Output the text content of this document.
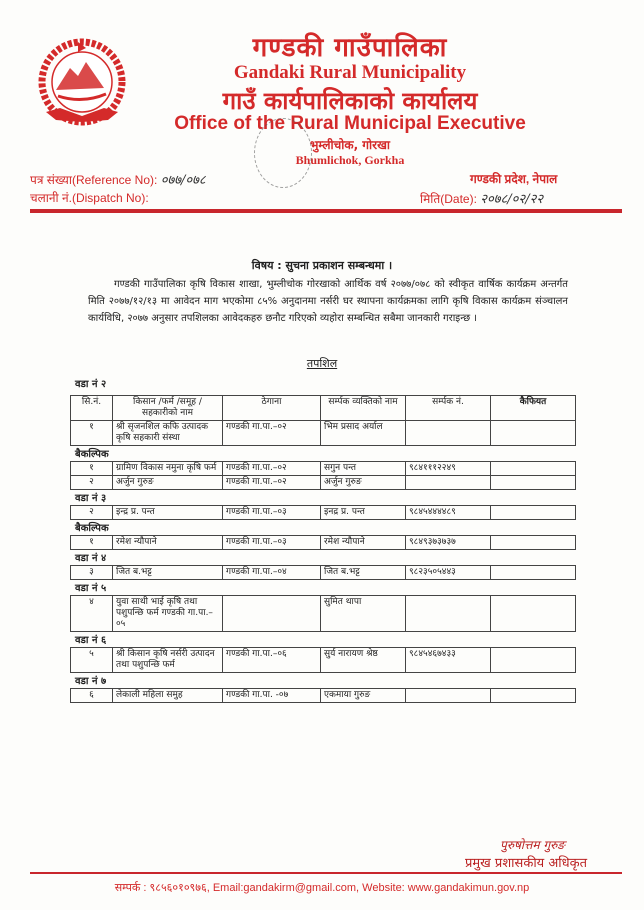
गण्डकी गाउँपालिका
Gandaki Rural Municipality
गाउँ कार्यपालिकाको कार्यालय
Office of the Rural Municipal Executive
भुम्लीचोक, गोरखा
Bhumlichok, Gorkha
पत्र संख्या(Reference No): ०७७/०७८
चलानी नं.(Dispatch No):
गण्डकी प्रदेश, नेपाल
मिति(Date): २०७८/०२/२२
विषय : सुचना प्रकाशन सम्बन्धमा ।
गण्डकी गाउँपालिका कृषि विकास शाखा, भुम्लीचोक गोरखाको आर्थिक वर्ष २०७७/०७८ को स्वीकृत वार्षिक कार्यक्रम अन्तर्गत मिति २०७७/१२/१३ मा आवेदन माग भएकोमा ८५% अनुदानमा नर्सरी घर स्थापना कार्यक्रमका लागि कृषि विकास कार्यक्रम संञ्चालन कार्यविधि, २०७७ अनुसार तपशिलका आवेदकहरु छनौट गरिएको व्यहोरा सम्बन्धित सबैमा जानकारी गराइन्छ ।
तपशिल
वडा नं २
सि.नं.	किसान /फर्म /समूह /सहकारीको नाम	ठेगाना	सर्म्पक व्यक्तिको नाम	सर्म्पक नं.	कैफियत
१	श्री सृजनशिल कफि उत्पादक कृषि सहकारी संस्था	गण्डकी गा.पा.–०२	भिम प्रसाद अर्याल		
बैकल्पिक
१	ग्रामिण विकास नमुना कृषि फर्म	गण्डकी गा.पा.–०२	सगुन पन्त	९८४१११२२४९	
२	अर्जुन गुरुङ	गण्डकी गा.पा.–०२	अर्जुन गुरुङ		
वडा नं ३
२	इन्द्र प्र. पन्त	गण्डकी गा.पा.–०३	इनद्र प्र. पन्त	९८४५४४४४८९	
बैकल्पिक
१	रमेश न्यौपाने	गण्डकी गा.पा.–०३	रमेश न्यौपाने	९८४९३७३७३७	
वडा नं ४
३	जित ब.भट्ट	गण्डकी गा.पा.–०४	जित ब.भट्ट	९८२३५०५४४३	
वडा नं ५
४	युवा साथी भाई कृषि तथा पशुपन्छि फर्म गण्डकी गा.पा.–०५		सुमित थापा		
वडा नं ६
५	श्री किसान कृषि नर्सरी उत्पादन तथा पशुपन्छि फर्म	गण्डकी गा.पा.–०६	सुर्य नारायण श्रेष्ठ	९८४५४६७४३३	
वडा नं ७
६	लेकाली महिला समुह	गण्डकी गा.पा. -०७	एकमाया गुरुङ		
पुरुषोत्तम गुरुङ
प्रमुख प्रशासकीय अधिकृत
सम्पर्क : ९८५६०१०९७६, Email:gandakirm@gmail.com, Website: www.gandakimun.gov.np
